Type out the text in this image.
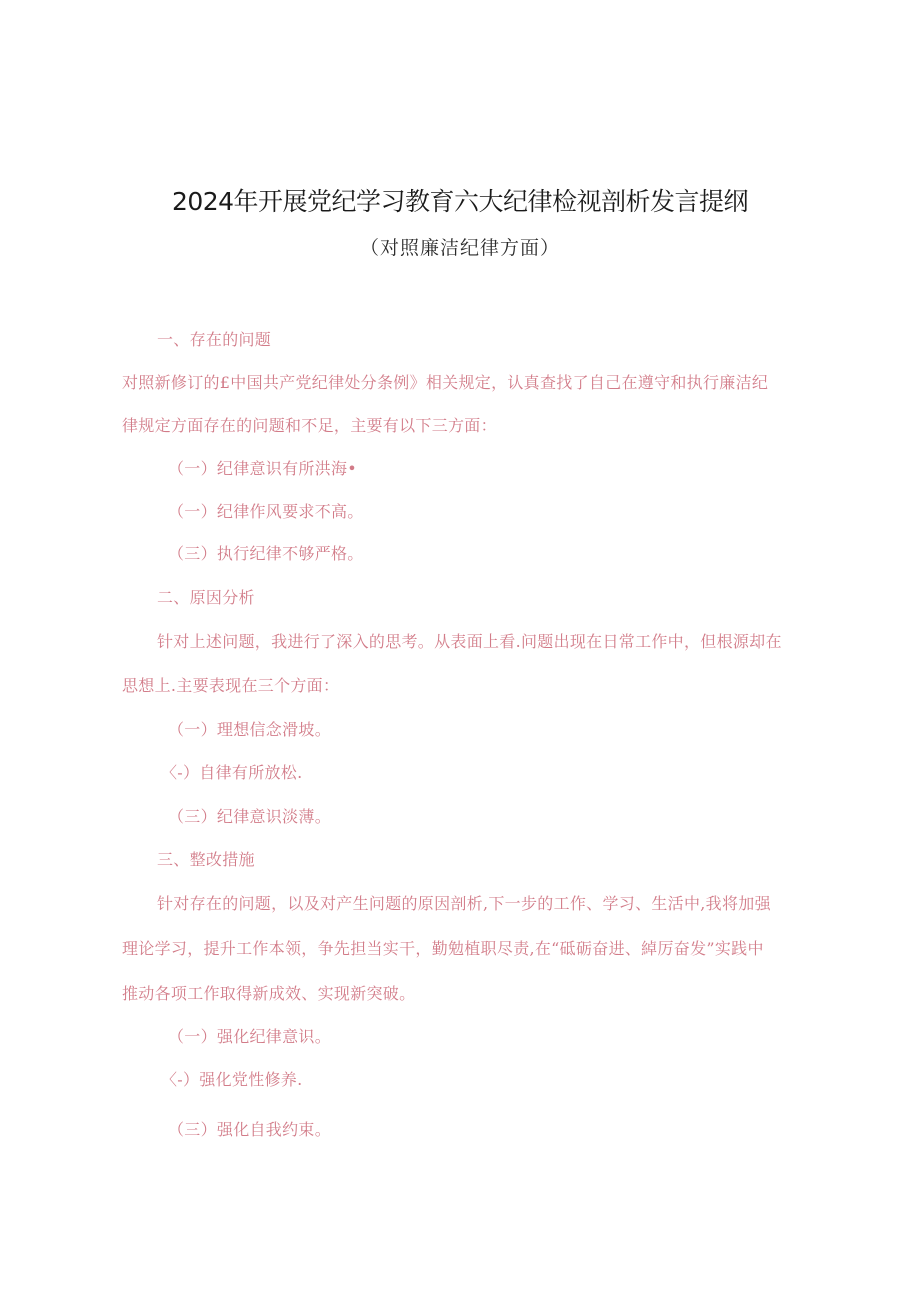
2024年开展党纪学习教育六大纪律检视剖析发言提纲
（对照廉洁纪律方面）
一、存在的问题
对照新修订的£中国共产党纪律处分条例》相关规定，认真查找了自己在遵守和执行廉洁纪
律规定方面存在的问题和不足，主要有以下三方面：
（一）纪律意识有所洪海•
（一）纪律作风要求不高。
（三）执行纪律不够严格。
二、原因分析
针对上述问题，我进行了深入的思考。从表面上看.问题出现在日常工作中，但根源却在
思想上.主要表现在三个方面：
（一）理想信念滑坡。
〈-）自律有所放松.
（三）纪律意识淡薄。
三、整改措施
针对存在的问题，以及对产生问题的原因剖析,下一步的工作、学习、生活中,我将加强
理论学习，提升工作本领，争先担当实干，勤勉植职尽责,在“砥砺奋进、綽厉奋发”实践中
推动各项工作取得新成效、实现新突破。
（一）强化纪律意识。
〈-）强化党性修养.
（三）强化自我约束。
